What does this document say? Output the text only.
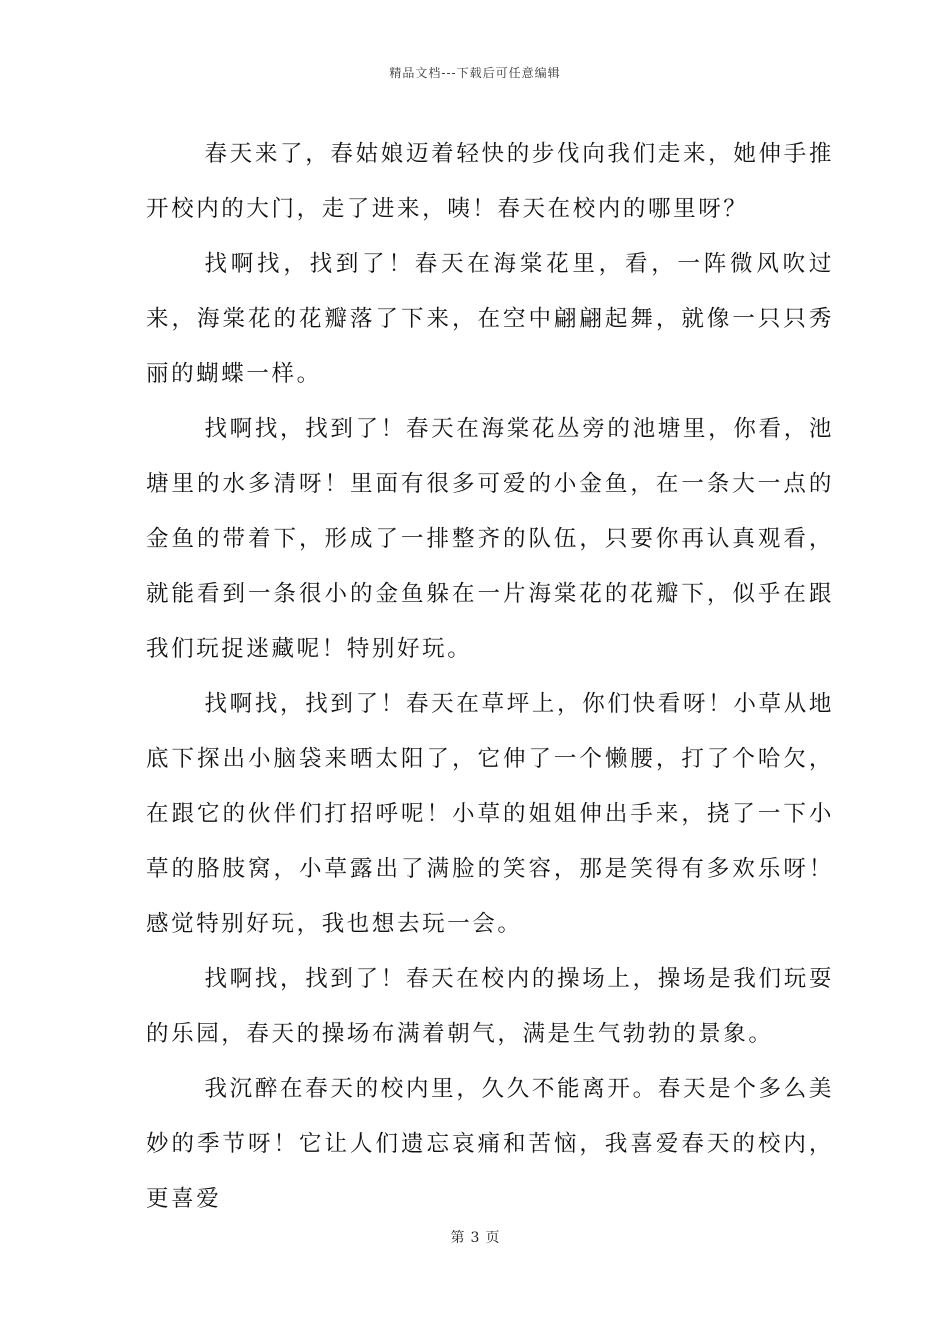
精品文档---下载后可任意编辑

春天来了，春姑娘迈着轻快的步伐向我们走来，她伸手推开校内的大门，走了进来，咦！春天在校内的哪里呀？

找啊找，找到了！春天在海棠花里，看，一阵微风吹过来，海棠花的花瓣落了下来，在空中翩翩起舞，就像一只只秀丽的蝴蝶一样。

找啊找，找到了！春天在海棠花丛旁的池塘里，你看，池塘里的水多清呀！里面有很多可爱的小金鱼，在一条大一点的金鱼的带着下，形成了一排整齐的队伍，只要你再认真观看，就能看到一条很小的金鱼躲在一片海棠花的花瓣下，似乎在跟我们玩捉迷藏呢！特别好玩。

找啊找，找到了！春天在草坪上，你们快看呀！小草从地底下探出小脑袋来晒太阳了，它伸了一个懒腰，打了个哈欠，在跟它的伙伴们打招呼呢！小草的姐姐伸出手来，挠了一下小草的胳肢窝，小草露出了满脸的笑容，那是笑得有多欢乐呀！感觉特别好玩，我也想去玩一会。

找啊找，找到了！春天在校内的操场上，操场是我们玩耍的乐园，春天的操场布满着朝气，满是生气勃勃的景象。

我沉醉在春天的校内里，久久不能离开。春天是个多么美妙的季节呀！它让人们遗忘哀痛和苦恼，我喜爱春天的校内，更喜爱

第 3 页
